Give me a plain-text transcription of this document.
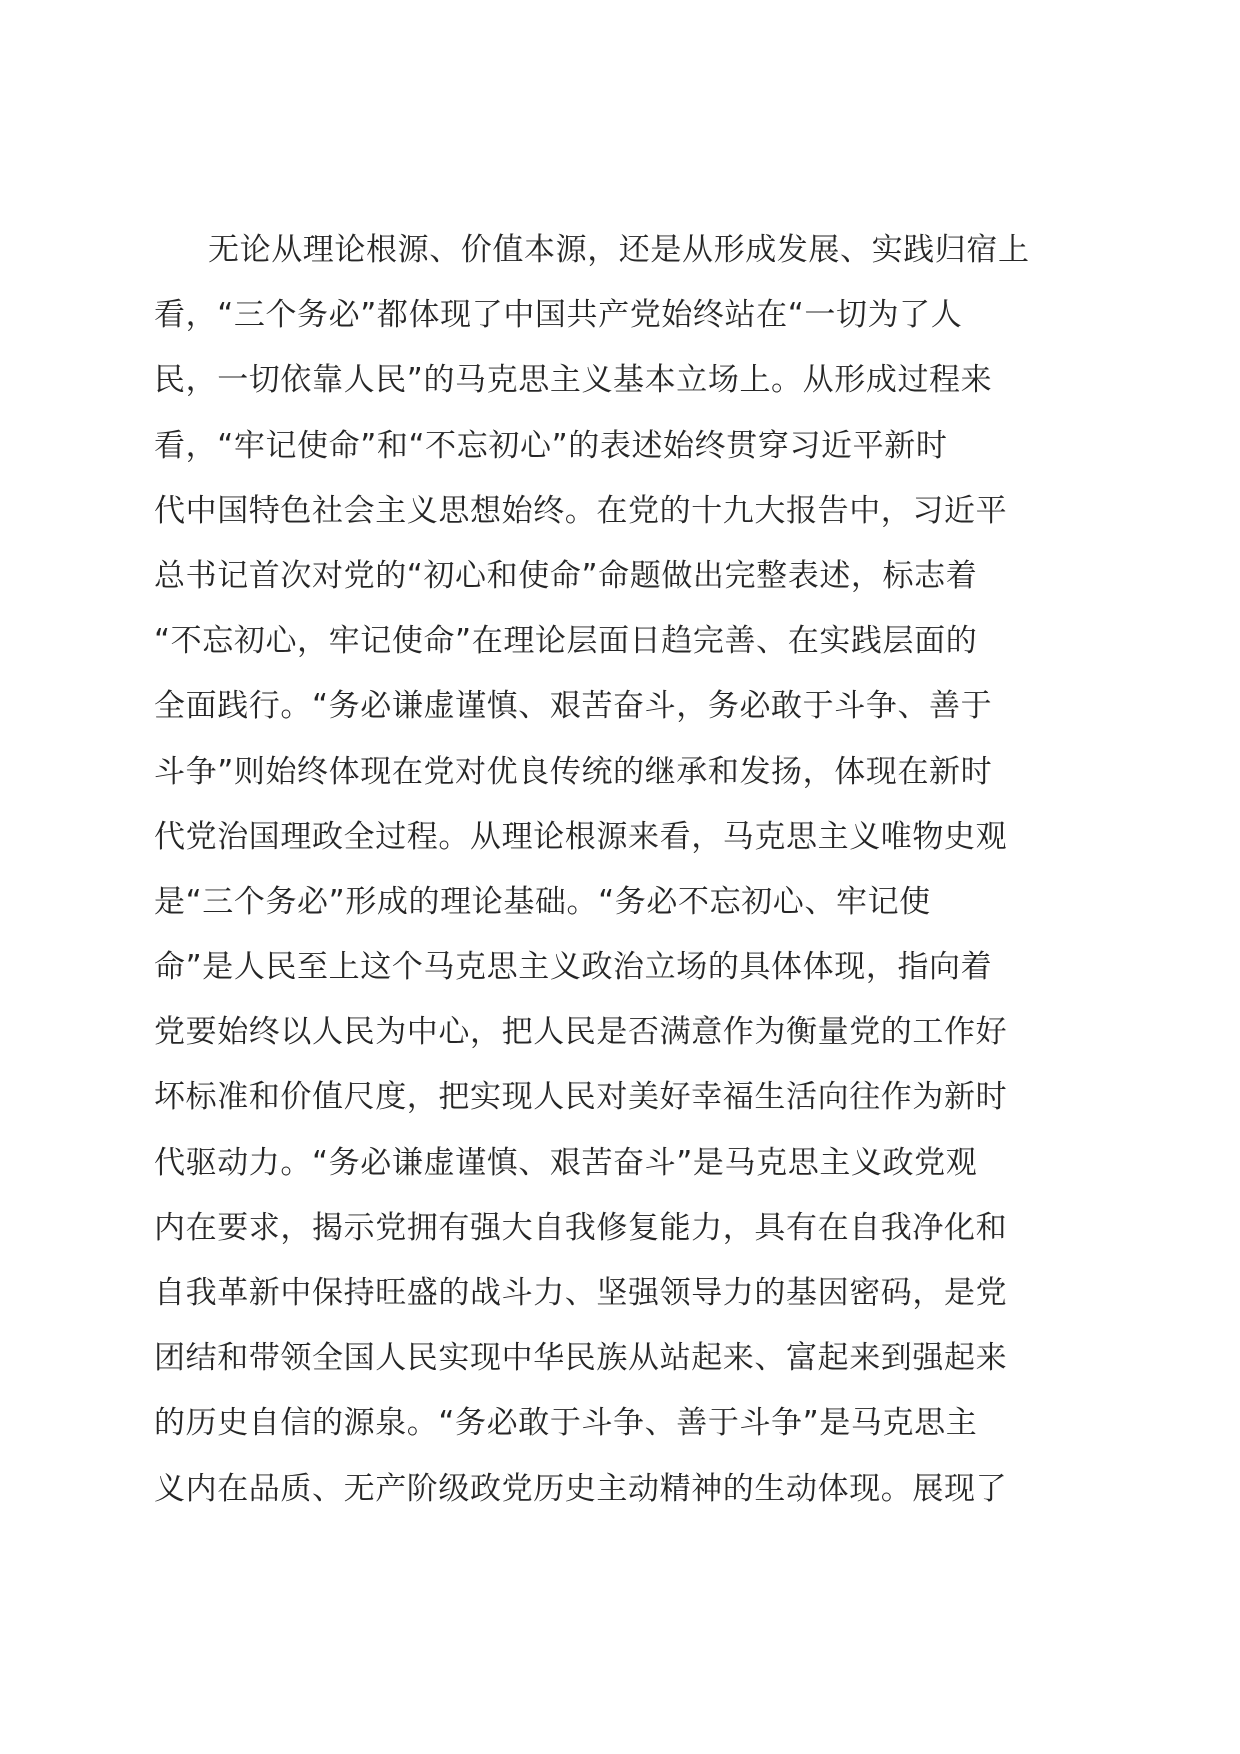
无论从理论根源、价值本源，还是从形成发展、实践归宿上
看，“三个务必”都体现了中国共产党始终站在“一切为了人
民，一切依靠人民”的马克思主义基本立场上。从形成过程来
看，“牢记使命”和“不忘初心”的表述始终贯穿习近平新时
代中国特色社会主义思想始终。在党的十九大报告中，习近平
总书记首次对党的“初心和使命”命题做出完整表述，标志着
“不忘初心，牢记使命”在理论层面日趋完善、在实践层面的
全面践行。“务必谦虚谨慎、艰苦奋斗，务必敢于斗争、善于
斗争”则始终体现在党对优良传统的继承和发扬，体现在新时
代党治国理政全过程。从理论根源来看，马克思主义唯物史观
是“三个务必”形成的理论基础。“务必不忘初心、牢记使
命”是人民至上这个马克思主义政治立场的具体体现，指向着
党要始终以人民为中心，把人民是否满意作为衡量党的工作好
坏标准和价值尺度，把实现人民对美好幸福生活向往作为新时
代驱动力。“务必谦虚谨慎、艰苦奋斗”是马克思主义政党观
内在要求，揭示党拥有强大自我修复能力，具有在自我净化和
自我革新中保持旺盛的战斗力、坚强领导力的基因密码，是党
团结和带领全国人民实现中华民族从站起来、富起来到强起来
的历史自信的源泉。“务必敢于斗争、善于斗争”是马克思主
义内在品质、无产阶级政党历史主动精神的生动体现。展现了
